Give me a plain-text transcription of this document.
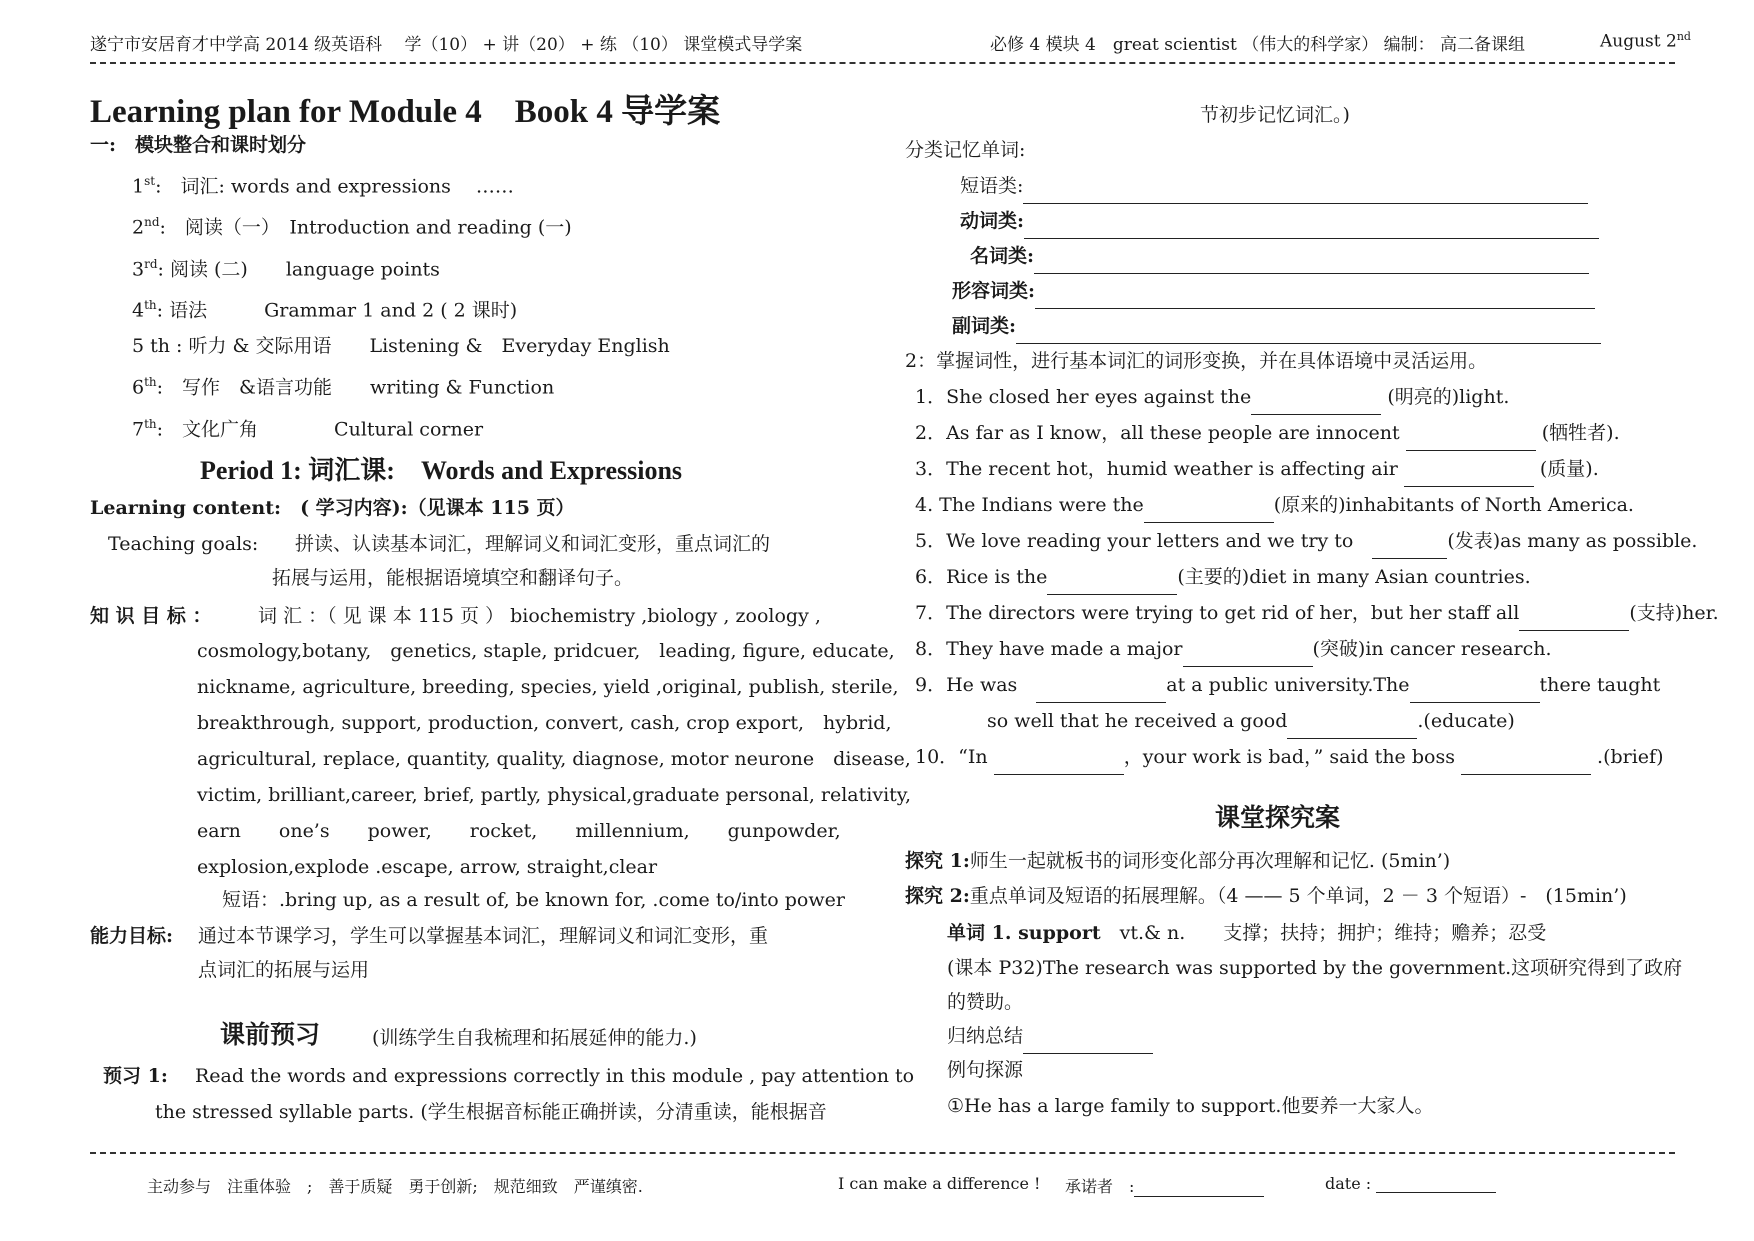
遂宁市安居育才中学高 2014 级英语科　 学（10） + 讲（20） + 练 （10） 课堂模式导学案	必修 4 模块 4　great scientist （伟大的科学家） 编制： 高二备课组	August 2nd
Learning plan for Module 4　Book 4 导学案
一:　模块整合和课时划分
1st:　词汇: words and expressions　 ……
2nd:　阅读（一）　Introduction and reading (一)
3rd: 阅读 (二)　　language points
4th: 语法　　　Grammar 1 and 2 ( 2 课时)
5 th : 听力 & 交际用语　　Listening &　Everyday English
6th:　写作　&语言功能　　writing & Function
7th:　文化广角　　　　Cultural corner
Period 1: 词汇课:　Words and Expressions
Learning content:　 ( 学习内容):（见课本 115 页）
Teaching goals: 拼读、认读基本词汇，理解词义和词汇变形，重点词汇的
拓展与运用，能根据语境填空和翻译句子。
知 识 目 标 ： 词 汇 ：（ 见 课 本 115 页 ） biochemistry ,biology , zoology ,
cosmology,botany,　genetics, staple, pridcuer,　leading, figure, educate,
nickname, agriculture, breeding, species, yield ,original, publish, sterile,
breakthrough, support, production, convert, cash, crop export,　hybrid,
agricultural, replace, quantity, quality, diagnose, motor neurone　disease,
victim, brilliant,career, brief, partly, physical,graduate personal, relativity,
earn　　one’s　　power,　　rocket,　　millennium,　　gunpowder,
explosion,explode .escape, arrow, straight,clear
短语：.bring up, as a result of, be known for, .come to/into power
能力目标: 通过本节课学习，学生可以掌握基本词汇，理解词义和词汇变形，重
点词汇的拓展与运用
课前预习	(训练学生自我梳理和拓展延伸的能力.)
预习 1: Read the words and expressions correctly in this module , pay attention to
the stressed syllable parts. (学生根据音标能正确拼读，分清重读，能根据音
节初步记忆词汇。)
分类记忆单词:
短语类:
动词类:
名词类:
形容词类:
副词类:
2：掌握词性，进行基本词汇的词形变换，并在具体语境中灵活运用。
1．She closed her eyes against the	(明亮的)light.
2．As far as I know，all these people are innocent	(牺牲者).
3．The recent hot，humid weather is affecting air	(质量).
4. The Indians were the	(原来的)inhabitants of North America.
5．We love reading your letters and we try to　	(发表)as many as possible.
6．Rice is the	(主要的)diet in many Asian countries.
7．The directors were trying to get rid of her，but her staff all	(支持)her.
8．They have made a major	(突破)in cancer research.
9．He was　	at a public university.The	there taught
so well that he received a good	.(educate)
10．“In	，your work is bad，” said the boss	.(brief)
课堂探究案
探究 1:师生一起就板书的词形变化部分再次理解和记忆. (5min’)
探究 2:重点单词及短语的拓展理解。（4 —— 5 个单词，2 － 3 个短语）-　(15min’)
单词 1. support　 vt.& n.　　 支撑；扶持；拥护；维持；赡养；忍受
(课本 P32)The research was supported by the government.这项研究得到了政府
的赞助。
归纳总结
例句探源
①He has a large family to support.他要养一大家人。
主动参与　注重体验　;　善于质疑　勇于创新;　规范细致　严谨缜密.	I can make a difference ! 承诺者　:	date :
